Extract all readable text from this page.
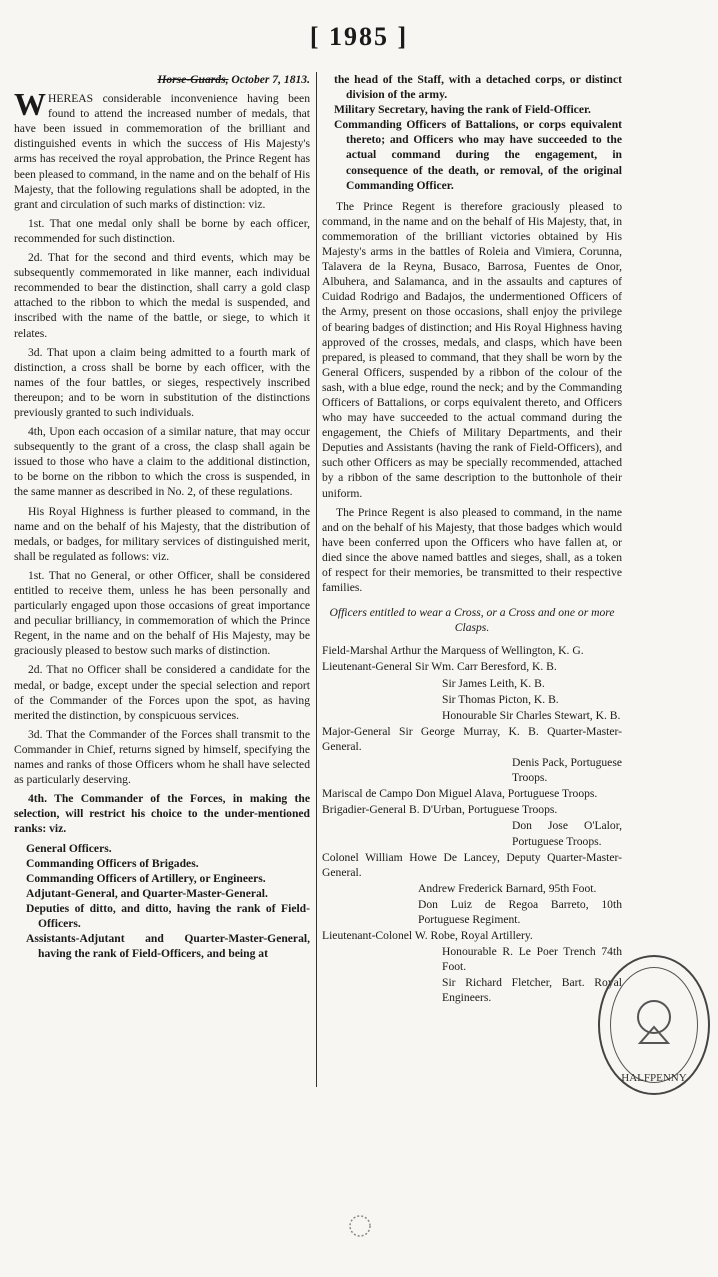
[ 1985 ]
Horse-Guards, October 7, 1813.

WHEREAS considerable inconvenience having been found to attend the increased number of medals, that have been issued in commemoration of the brilliant and distinguished events in which the success of His Majesty's arms has received the royal approbation, the Prince Regent has been pleased to command, in the name and on the behalf of His Majesty, that the following regulations shall be adopted, in the grant and circulation of such marks of distinction: viz.

1st. That one medal only shall be borne by each officer, recommended for such distinction.

2d. That for the second and third events, which may be subsequently commemorated in like manner, each individual recommended to bear the distinction, shall carry a gold clasp attached to the ribbon to which the medal is suspended, and inscribed with the name of the battle, or siege, to which it relates.

3d. That upon a claim being admitted to a fourth mark of distinction, a cross shall be borne by each officer, with the names of the four battles, or sieges, respectively inscribed thereupon; and to be worn in substitution of the distinctions previously granted to such individuals.

4th, Upon each occasion of a similar nature, that may occur subsequently to the grant of a cross, the clasp shall again be issued to those who have a claim to the additional distinction, to be borne on the ribbon to which the cross is suspended, in the same manner as described in No. 2, of these regulations.

His Royal Highness is further pleased to command, in the name and on the behalf of his Majesty, that the distribution of medals, or badges, for military services of distinguished merit, shall be regulated as follows: viz.

1st. That no General, or other Officer, shall be considered entitled to receive them, unless he has been personally and particularly engaged upon those occasions of great importance and peculiar brilliancy, in commemoration of which the Prince Regent, in the name and on the behalf of His Majesty, may be graciously pleased to bestow such marks of distinction.

2d. That no Officer shall be considered a candidate for the medal, or badge, except under the special selection and report of the Commander of the Forces upon the spot, as having merited the distinction, by conspicuous services.

3d. That the Commander of the Forces shall transmit to the Commander in Chief, returns signed by himself, specifying the names and ranks of those Officers whom he shall have selected as particularly deserving.

4th. The Commander of the Forces, in making the selection, will restrict his choice to the under-mentioned ranks: viz.

General Officers.

Commanding Officers of Brigades.

Commanding Officers of Artillery, or Engineers.

Adjutant-General, and Quarter-Master-General.

Deputies of ditto, and ditto, having the rank of Field-Officers.

Assistants-Adjutant and Quarter-Master-General, having the rank of Field-Officers, and being at

the head of the Staff, with a detached corps, or distinct division of the army.

Military Secretary, having the rank of Field-Officer.

Commanding Officers of Battalions, or corps equivalent thereto; and Officers who may have succeeded to the actual command during the engagement, in consequence of the death, or removal, of the original Commanding Officer.

The Prince Regent is therefore graciously pleased to command, in the name and on the behalf of His Majesty, that, in commemoration of the brilliant victories obtained by His Majesty's arms in the battles of Roleia and Vimiera, Corunna, Talavera de la Reyna, Busaco, Barrosa, Fuentes de Onor, Albuhera, and Salamanca, and in the assaults and captures of Cuidad Rodrigo and Badajos, the undermentioned Officers of the Army, present on those occasions, shall enjoy the privilege of bearing badges of distinction; and His Royal Highness having approved of the crosses, medals, and clasps, which have been prepared, is pleased to command, that they shall be worn by the General Officers, suspended by a ribbon of the colour of the sash, with a blue edge, round the neck; and by the Commanding Officers of Battalions, or corps equivalent thereto, and Officers who may have succeeded to the actual command during the engagement, the Chiefs of Military Departments, and their Deputies and Assistants (having the rank of Field-Officers), and such other Officers as may be specially recommended, attached by a ribbon of the same description to the buttonhole of their uniform.

The Prince Regent is also pleased to command, in the name and on the behalf of his Majesty, that those badges which would have been conferred upon the Officers who have fallen at, or died since the above named battles and sieges, shall, as a token of respect for their memories, be transmitted to their respective families.

Officers entitled to wear a Cross, or a Cross and one or more Clasps.

Field-Marshal Arthur the Marquess of Wellington, K. G.

Lieutenant-General Sir Wm. Carr Beresford, K. B.

Sir James Leith, K. B.

Sir Thomas Picton, K. B.

Honourable Sir Charles Stewart, K. B.

Major-General Sir George Murray, K. B. Quarter-Master-General.

Denis Pack, Portuguese Troops.

Mariscal de Campo Don Miguel Alava, Portuguese Troops.

Brigadier-General B. D'Urban, Portuguese Troops.

Don Jose O'Lalor, Portuguese Troops.

Colonel William Howe De Lancey, Deputy Quarter-Master-General.

Andrew Frederick Barnard, 95th Foot.

Don Luiz de Regoa Barreto, 10th Portuguese Regiment.

Lieutenant-Colonel W. Robe, Royal Artillery.

Honourable R. Le Poer Trench 74th Foot.

Sir Richard Fletcher, Bart. Royal Engineers.

HALFPENNY
